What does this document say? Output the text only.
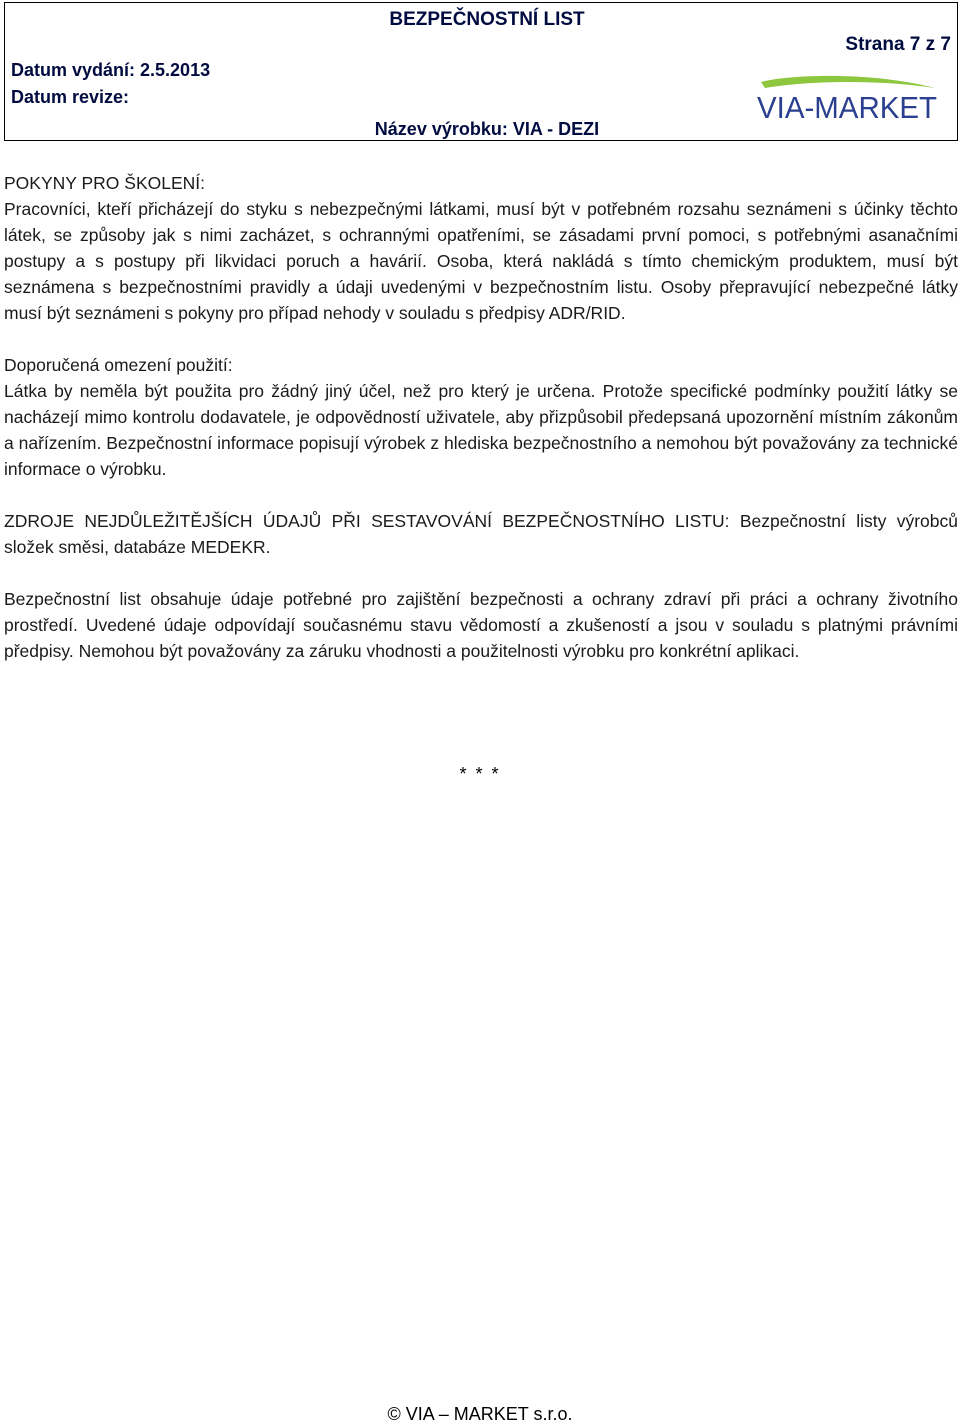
BEZPEČNOSTNÍ LIST
Strana 7 z 7
Datum vydání: 2.5.2013
Datum revize:
Název výrobku: VIA - DEZI
VIA-MARKET

POKYNY PRO ŠKOLENÍ:

Pracovníci, kteří přicházejí do styku s nebezpečnými látkami, musí být v potřebném rozsahu seznámeni s účinky těchto látek, se způsoby jak s nimi zacházet, s ochrannými opatřeními, se zásadami první pomoci, s potřebnými asanačními postupy a s postupy při likvidaci poruch a havárií. Osoba, která nakládá s tímto chemickým produktem, musí být seznámena s bezpečnostními pravidly a údaji uvedenými v bezpečnostním listu. Osoby přepravující nebezpečné látky musí být seznámeni s pokyny pro případ nehody v souladu s předpisy ADR/RID.

Doporučená omezení použití:

Látka by neměla být použita pro žádný jiný účel, než pro který je určena. Protože specifické podmínky použití látky se nacházejí mimo kontrolu dodavatele, je odpovědností uživatele, aby přizpůsobil předepsaná upozornění místním zákonům a nařízením. Bezpečnostní informace popisují výrobek z hlediska bezpečnostního a nemohou být považovány za technické informace o výrobku.

ZDROJE NEJDŮLEŽITĚJŠÍCH ÚDAJŮ PŘI SESTAVOVÁNÍ BEZPEČNOSTNÍHO LISTU: Bezpečnostní listy výrobců složek směsi, databáze MEDEKR.

Bezpečnostní list obsahuje údaje potřebné pro zajištění bezpečnosti a ochrany zdraví při práci a ochrany životního prostředí. Uvedené údaje odpovídají současnému stavu vědomostí a zkušeností a jsou v souladu s platnými právními předpisy. Nemohou být považovány za záruku vhodnosti a použitelnosti výrobku pro konkrétní aplikaci.

* * *
© VIA – MARKET s.r.o.
